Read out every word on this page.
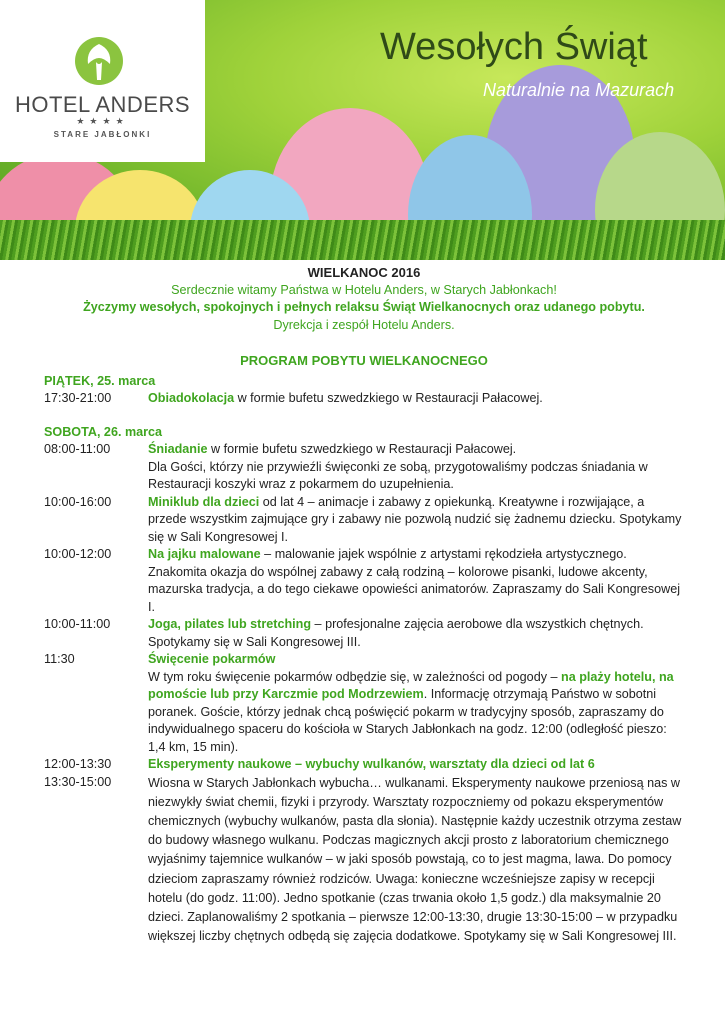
HOTEL ANDERS
★★★★
STARE JABŁONKI
Wesołych Świąt
Naturalnie na Mazurach
WIELKANOC 2016
Serdecznie witamy Państwa w Hotelu Anders, w Starych Jabłonkach!
Życzymy wesołych, spokojnych i pełnych relaksu Świąt Wielkanocnych oraz udanego pobytu.
Dyrekcja i zespół Hotelu Anders.
PROGRAM POBYTU WIELKANOCNEGO
PIĄTEK, 25. marca
17:30-21:00	Obiadokolacja w formie bufetu szwedzkiego w Restauracji Pałacowej.
SOBOTA, 26. marca
08:00-11:00	Śniadanie w formie bufetu szwedzkiego w Restauracji Pałacowej.
Dla Gości, którzy nie przywieźli święconki ze sobą, przygotowaliśmy podczas śniadania w Restauracji koszyki wraz z pokarmem do uzupełnienia.
10:00-16:00	Miniklub dla dzieci od lat 4 – animacje i zabawy z opiekunką. Kreatywne i rozwijające, a przede wszystkim zajmujące gry i zabawy nie pozwolą nudzić się żadnemu dziecku. Spotykamy się w Sali Kongresowej I.
10:00-12:00	Na jajku malowane – malowanie jajek wspólnie z artystami rękodzieła artystycznego. Znakomita okazja do wspólnej zabawy z całą rodziną – kolorowe pisanki, ludowe akcenty, mazurska tradycja, a do tego ciekawe opowieści animatorów. Zapraszamy do Sali Kongresowej I.
10:00-11:00	Joga, pilates lub stretching – profesjonalne zajęcia aerobowe dla wszystkich chętnych. Spotykamy się w Sali Kongresowej III.
11:30	Święcenie pokarmów
W tym roku święcenie pokarmów odbędzie się, w zależności od pogody – na plaży hotelu, na pomoście lub przy Karczmie pod Modrzewiem. Informację otrzymają Państwo w sobotni poranek. Goście, którzy jednak chcą poświęcić pokarm w tradycyjny sposób, zapraszamy do indywidualnego spaceru do kościoła w Starych Jabłonkach na godz. 12:00 (odległość pieszo: 1,4 km, 15 min).
12:00-13:30	Eksperymenty naukowe – wybuchy wulkanów, warsztaty dla dzieci od lat 6
13:30-15:00	Wiosna w Starych Jabłonkach wybucha… wulkanami. Eksperymenty naukowe przeniosą nas w niezwykły świat chemii, fizyki i przyrody. Warsztaty rozpoczniemy od pokazu eksperymentów chemicznych (wybuchy wulkanów, pasta dla słonia). Następnie każdy uczestnik otrzyma zestaw do budowy własnego wulkanu. Podczas magicznych akcji prosto z laboratorium chemicznego wyjaśnimy tajemnice wulkanów – w jaki sposób powstają, co to jest magma, lawa. Do pomocy dzieciom zapraszamy również rodziców. Uwaga: konieczne wcześniejsze zapisy w recepcji hotelu (do godz. 11:00). Jedno spotkanie (czas trwania około 1,5 godz.) dla maksymalnie 20 dzieci. Zaplanowaliśmy 2 spotkania – pierwsze 12:00-13:30, drugie 13:30-15:00 – w przypadku większej liczby chętnych odbędą się zajęcia dodatkowe. Spotykamy się w Sali Kongresowej III.
